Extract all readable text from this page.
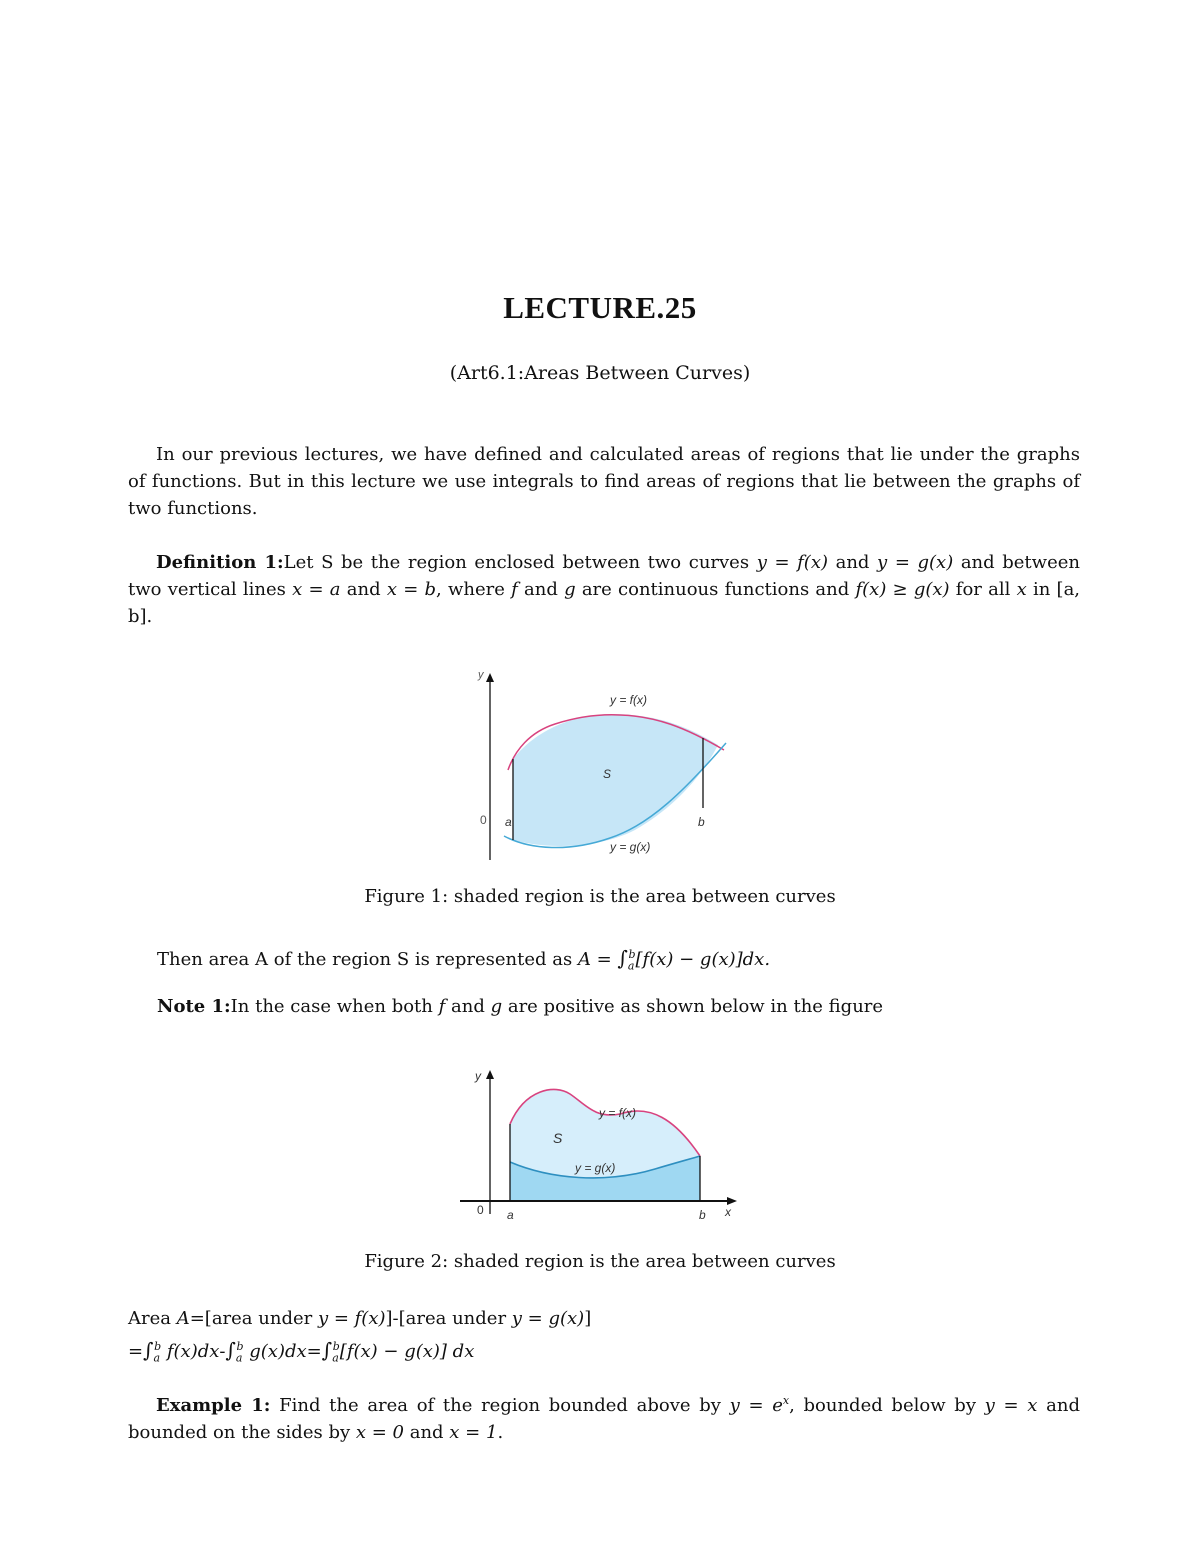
LECTURE.25
(Art6.1:Areas Between Curves)
In our previous lectures, we have defined and calculated areas of regions that lie under the graphs of functions. But in this lecture we use integrals to find areas of regions that lie between the graphs of two functions.
Definition 1:Let S be the region enclosed between two curves y = f(x) and y = g(x) and between two vertical lines x = a and x = b, where f and g are continuous functions and f(x) ≥ g(x) for all x in [a, b].
y
0 a	b
S
y = f(x)
y = g(x)
Figure 1: shaded region is the area between curves
Then area A of the region S is represented as $A = \int_a^b[f(x) - g(x)]dx$.
Note 1:In the case when both f and g are positive as shown below in the figure
y
x
0 a	b
S
y = f(x)
y = g(x)
Figure 2: shaded region is the area between curves
Area A=[area under y = f(x)]-[area under y = g(x)]
$=\int_a^b$ $f(x)dx-\int_a^b$ $g(x)dx=\int_a^b[f(x) - g(x)]$ dx
Example 1: Find the area of the region bounded above by $y = e^x$, bounded below by y = x and bounded on the sides by x = 0 and x = 1.
